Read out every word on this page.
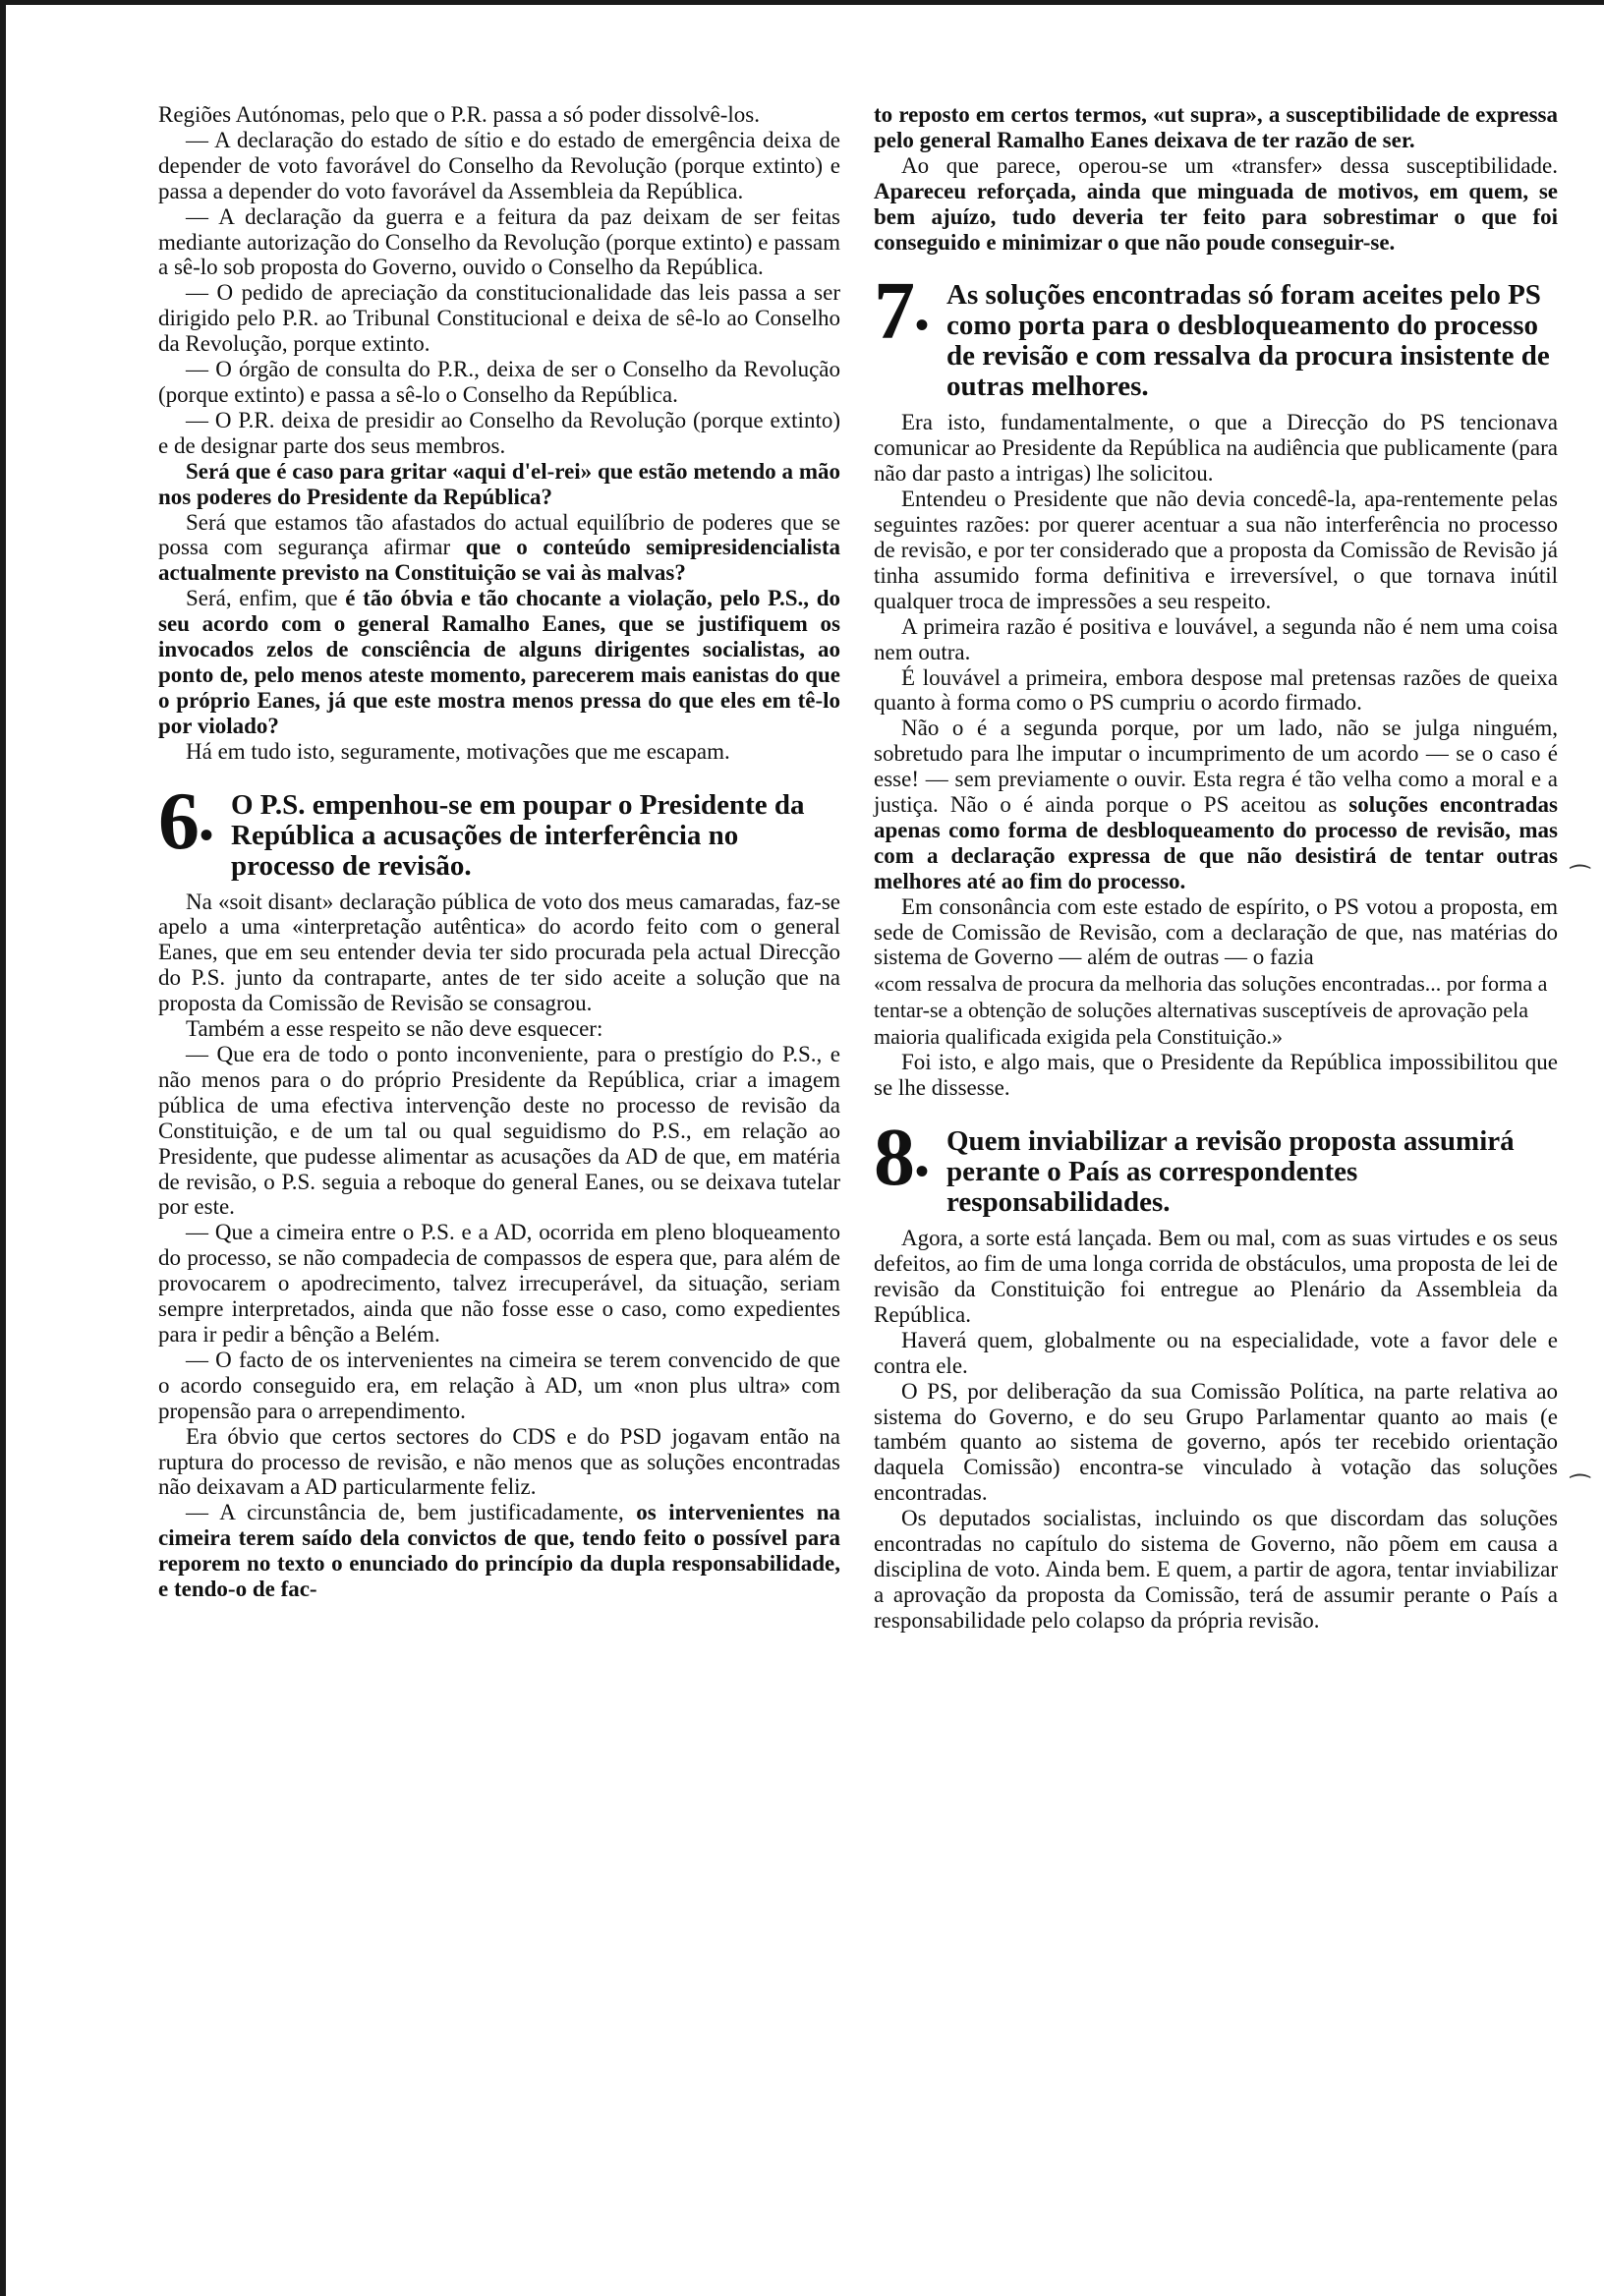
⁀
⁀

Regiões Autónomas, pelo que o P.R. passa a só poder dissolvê-los.

— A declaração do estado de sítio e do estado de emergência deixa de depender de voto favorável do Conselho da Revolução (porque extinto) e passa a depender do voto favorável da Assembleia da República.

— A declaração da guerra e a feitura da paz deixam de ser feitas mediante autorização do Conselho da Revolução (porque extinto) e passam a sê-lo sob proposta do Governo, ouvido o Conselho da República.

— O pedido de apreciação da constitucionalidade das leis passa a ser dirigido pelo P.R. ao Tribunal Constitucional e deixa de sê-lo ao Conselho da Revolução, porque extinto.

— O órgão de consulta do P.R., deixa de ser o Conselho da Revolução (porque extinto) e passa a sê-lo o Conselho da República.

— O P.R. deixa de presidir ao Conselho da Revolução (porque extinto) e de designar parte dos seus membros.

Será que é caso para gritar «aqui d'el-rei» que estão metendo a mão nos poderes do Presidente da República?

Será que estamos tão afastados do actual equilíbrio de poderes que se possa com segurança afirmar que o conteúdo semipresidencialista actualmente previsto na Constituição se vai às malvas?

Será, enfim, que é tão óbvia e tão chocante a violação, pelo P.S., do seu acordo com o general Ramalho Eanes, que se justifiquem os invocados zelos de consciência de alguns dirigentes socialistas, ao ponto de, pelo menos ateste momento, parecerem mais eanistas do que o próprio Eanes, já que este mostra menos pressa do que eles em tê-lo por violado?

Há em tudo isto, seguramente, motivações que me escapam.

6•
O P.S. empenhou-se em poupar o Presidente da República a acusações de interferência no processo de revisão.

Na «soit disant» declaração pública de voto dos meus camaradas, faz-se apelo a uma «interpretação autêntica» do acordo feito com o general Eanes, que em seu entender devia ter sido procurada pela actual Direcção do P.S. junto da contraparte, antes de ter sido aceite a solução que na proposta da Comissão de Revisão se consagrou.

Também a esse respeito se não deve esquecer:

— Que era de todo o ponto inconveniente, para o prestígio do P.S., e não menos para o do próprio Presidente da República, criar a imagem pública de uma efectiva intervenção deste no processo de revisão da Constituição, e de um tal ou qual seguidismo do P.S., em relação ao Presidente, que pudesse alimentar as acusações da AD de que, em matéria de revisão, o P.S. seguia a reboque do general Eanes, ou se deixava tutelar por este.

— Que a cimeira entre o P.S. e a AD, ocorrida em pleno bloqueamento do processo, se não compadecia de compassos de espera que, para além de provocarem o apodrecimento, talvez irrecuperável, da situação, seriam sempre interpretados, ainda que não fosse esse o caso, como expedientes para ir pedir a bênção a Belém.

— O facto de os intervenientes na cimeira se terem convencido de que o acordo conseguido era, em relação à AD, um «non plus ultra» com propensão para o arrependimento.

Era óbvio que certos sectores do CDS e do PSD jogavam então na ruptura do processo de revisão, e não menos que as soluções encontradas não deixavam a AD particularmente feliz.

— A circunstância de, bem justificadamente, os intervenientes na cimeira terem saído dela convictos de que, tendo feito o possível para reporem no texto o enunciado do princípio da dupla responsabilidade, e tendo-o de fac-

to reposto em certos termos, «ut supra», a susceptibilidade de expressa pelo general Ramalho Eanes deixava de ter razão de ser.

Ao que parece, operou-se um «transfer» dessa susceptibilidade. Apareceu reforçada, ainda que minguada de motivos, em quem, se bem ajuízo, tudo deveria ter feito para sobrestimar o que foi conseguido e minimizar o que não poude conseguir-se.

7•
As soluções encontradas só foram aceites pelo PS como porta para o desbloqueamento do processo de revisão e com ressalva da procura insistente de outras melhores.

Era isto, fundamentalmente, o que a Direcção do PS tencionava comunicar ao Presidente da República na audiência que publicamente (para não dar pasto a intrigas) lhe solicitou.

Entendeu o Presidente que não devia concedê-la, apa-rentemente pelas seguintes razões: por querer acentuar a sua não interferência no processo de revisão, e por ter considerado que a proposta da Comissão de Revisão já tinha assumido forma definitiva e irreversível, o que tornava inútil qualquer troca de impressões a seu respeito.

A primeira razão é positiva e louvável, a segunda não é nem uma coisa nem outra.

É louvável a primeira, embora despose mal pretensas razões de queixa quanto à forma como o PS cumpriu o acordo firmado.

Não o é a segunda porque, por um lado, não se julga ninguém, sobretudo para lhe imputar o incumprimento de um acordo — se o caso é esse! — sem previamente o ouvir. Esta regra é tão velha como a moral e a justiça. Não o é ainda porque o PS aceitou as soluções encontradas apenas como forma de desbloqueamento do processo de revisão, mas com a declaração expressa de que não desistirá de tentar outras melhores até ao fim do processo.

Em consonância com este estado de espírito, o PS votou a proposta, em sede de Comissão de Revisão, com a declaração de que, nas matérias do sistema de Governo — além de outras — o fazia

«com ressalva de procura da melhoria das soluções encontradas... por forma a tentar-se a obtenção de soluções alternativas susceptíveis de aprovação pela maioria qualificada exigida pela Constituição.»

Foi isto, e algo mais, que o Presidente da República impossibilitou que se lhe dissesse.

8•
Quem inviabilizar a revisão proposta assumirá perante o País as correspondentes responsabilidades.

Agora, a sorte está lançada. Bem ou mal, com as suas virtudes e os seus defeitos, ao fim de uma longa corrida de obstáculos, uma proposta de lei de revisão da Constituição foi entregue ao Plenário da Assembleia da República.

Haverá quem, globalmente ou na especialidade, vote a favor dele e contra ele.

O PS, por deliberação da sua Comissão Política, na parte relativa ao sistema do Governo, e do seu Grupo Parlamentar quanto ao mais (e também quanto ao sistema de governo, após ter recebido orientação daquela Comissão) encontra-se vinculado à votação das soluções encontradas.

Os deputados socialistas, incluindo os que discordam das soluções encontradas no capítulo do sistema de Governo, não põem em causa a disciplina de voto. Ainda bem. E quem, a partir de agora, tentar inviabilizar a aprovação da proposta da Comissão, terá de assumir perante o País a responsabilidade pelo colapso da própria revisão.
